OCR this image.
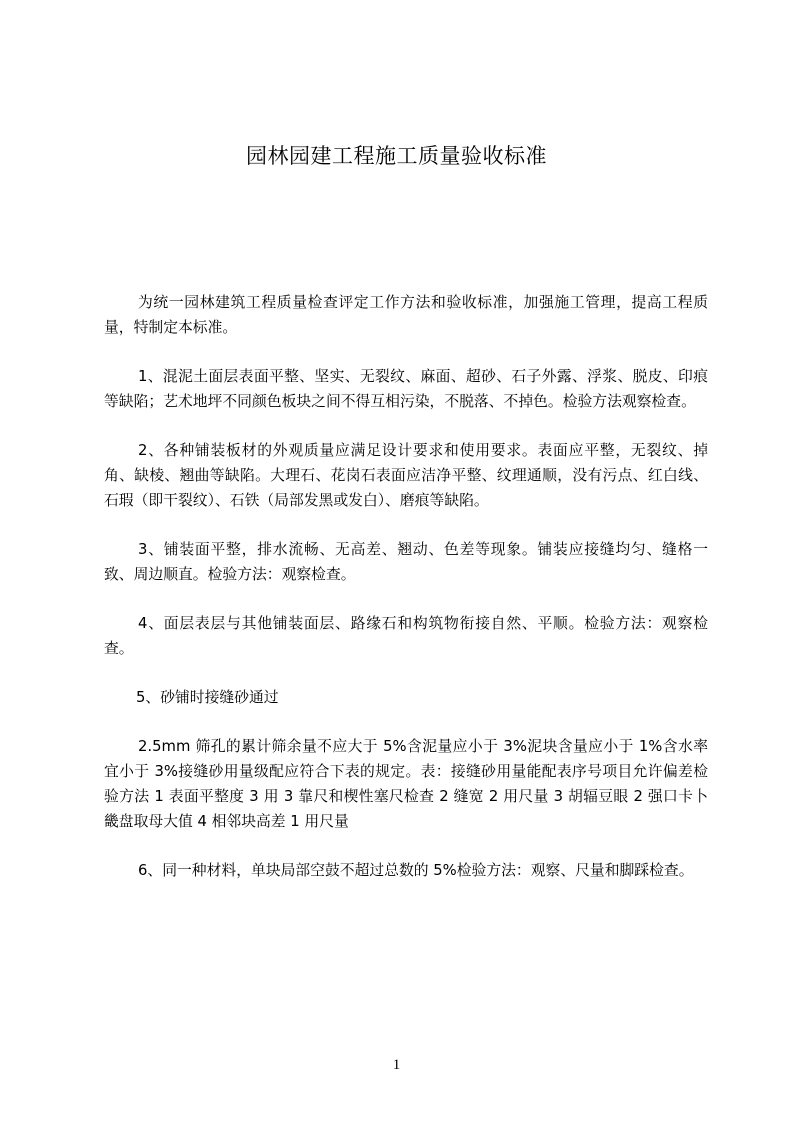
园林园建工程施工质量验收标准

为统一园林建筑工程质量检查评定工作方法和验收标准，加强施工管理，提高工程质量，特制定本标准。

1、混泥土面层表面平整、坚实、无裂纹、麻面、超砂、石子外露、浮浆、脱皮、印痕等缺陷；艺术地坪不同颜色板块之间不得互相污染，不脱落、不掉色。检验方法观察检查。

2、各种铺装板材的外观质量应满足设计要求和使用要求。表面应平整，无裂纹、掉角、缺棱、翘曲等缺陷。大理石、花岗石表面应洁净平整、纹理通顺，没有污点、红白线、石瑕（即干裂纹）、石铁（局部发黑或发白）、磨痕等缺陷。

3、铺装面平整，排水流畅、无高差、翘动、色差等现象。铺装应接缝均匀、缝格一致、周边顺直。检验方法：观察检查。

4、面层表层与其他铺装面层、路缘石和构筑物衔接自然、平顺。检验方法：观察检查。

5、砂铺时接缝砂通过

2.5mm 筛孔的累计筛余量不应大于 5%含泥量应小于 3%泥块含量应小于 1%含水率宜小于 3%接缝砂用量级配应符合下表的规定。表：接缝砂用量能配表序号项目允许偏差检验方法 1 表面平整度 3 用 3 靠尺和楔性塞尺检查 2 缝宽 2 用尺量 3 胡辐豆眼 2 强口卡卜畿盘取母大值 4 相邻块高差 1 用尺量

6、同一种材料，单块局部空鼓不超过总数的 5%检验方法：观察、尺量和脚踩检查。

1
